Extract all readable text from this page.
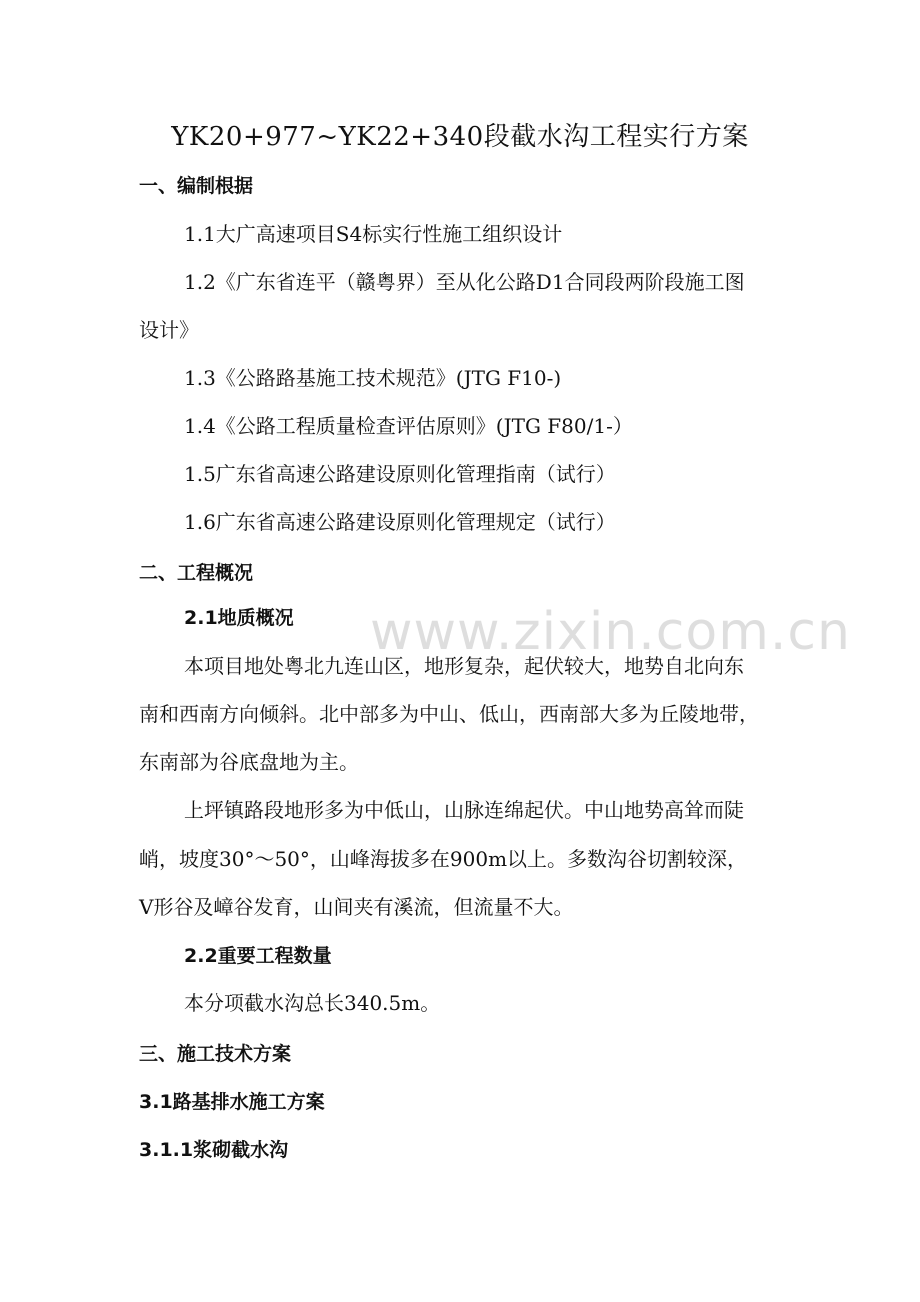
www.zixin.com.cn
YK20+977~YK22+340段截水沟工程实行方案
一、编制根据
1.1大广高速项目S4标实行性施工组织设计
1.2《广东省连平（赣粤界）至从化公路D1合同段两阶段施工图
设计》
1.3《公路路基施工技术规范》(JTG F10-)
1.4《公路工程质量检查评估原则》(JTG F80/1-）
1.5广东省高速公路建设原则化管理指南（试行）
1.6广东省高速公路建设原则化管理规定（试行）
二、工程概况
2.1地质概况
本项目地处粤北九连山区，地形复杂，起伏较大，地势自北向东
南和西南方向倾斜。北中部多为中山、低山，西南部大多为丘陵地带，
东南部为谷底盘地为主。
上坪镇路段地形多为中低山，山脉连绵起伏。中山地势高耸而陡
峭，坡度30°～50°，山峰海拔多在900m以上。多数沟谷切割较深，
V形谷及嶂谷发育，山间夹有溪流，但流量不大。
2.2重要工程数量
本分项截水沟总长340.5m。
三、施工技术方案
3.1路基排水施工方案
3.1.1浆砌截水沟
